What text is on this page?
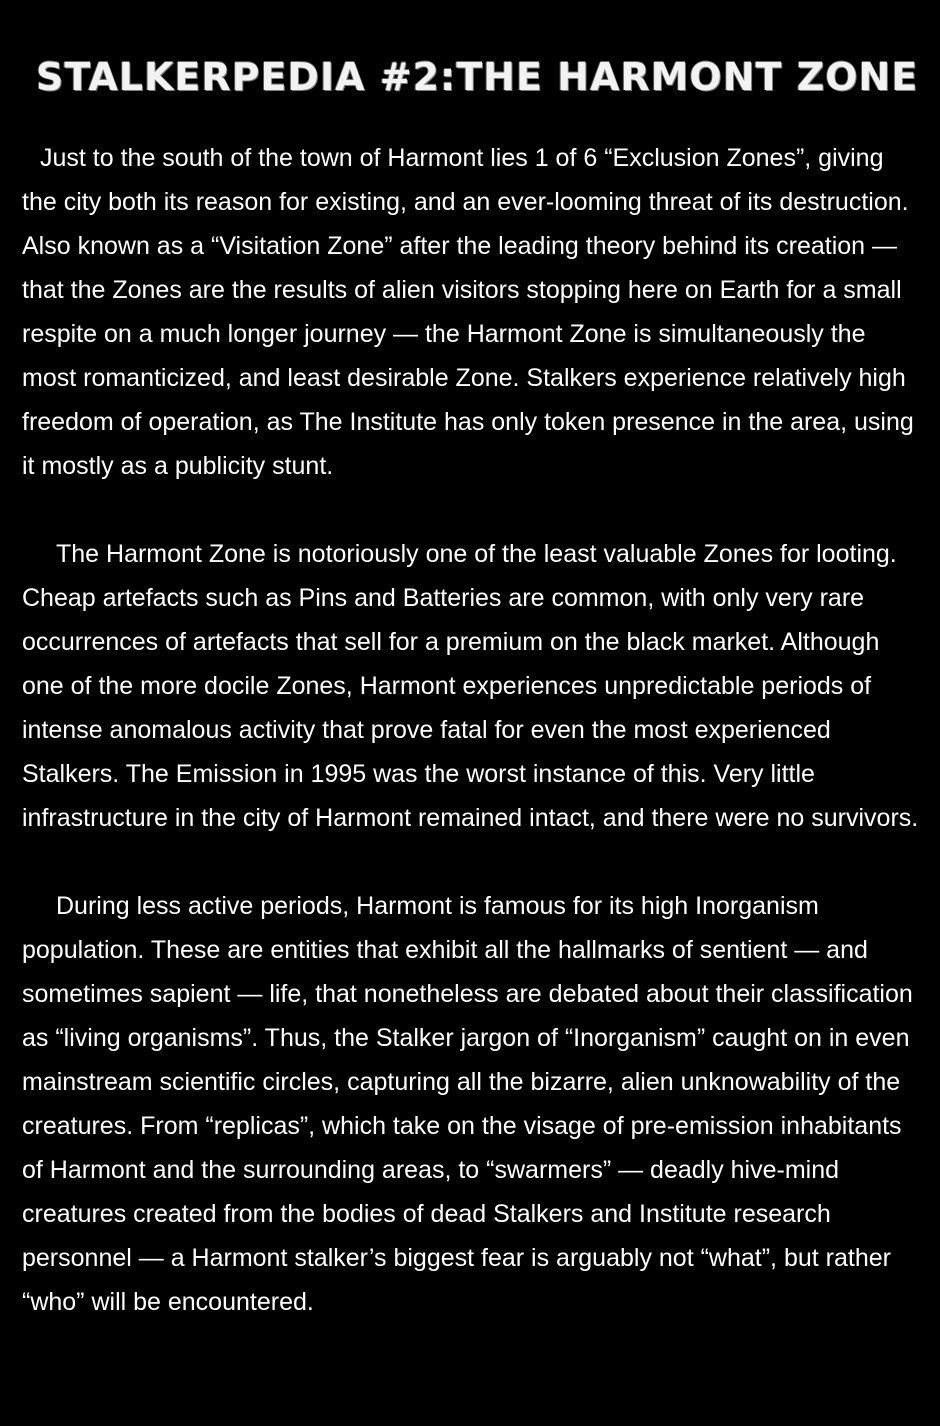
STALKERPEDIA #2:THE HARMONT ZONE

Just to the south of the town of Harmont lies 1 of 6 “Exclusion Zones”, giving the city both its reason for existing, and an ever-looming threat of its destruction. Also known as a “Visitation Zone” after the leading theory behind its creation — that the Zones are the results of alien visitors stopping here on Earth for a small respite on a much longer journey — the Harmont Zone is simultaneously the most romanticized, and least desirable Zone. Stalkers experience relatively high freedom of operation, as The Institute has only token presence in the area, using it mostly as a publicity stunt.

The Harmont Zone is notoriously one of the least valuable Zones for looting. Cheap artefacts such as Pins and Batteries are common, with only very rare occurrences of artefacts that sell for a premium on the black market. Although one of the more docile Zones, Harmont experiences unpredictable periods of intense anomalous activity that prove fatal for even the most experienced Stalkers. The Emission in 1995 was the worst instance of this. Very little infrastructure in the city of Harmont remained intact, and there were no survivors.

During less active periods, Harmont is famous for its high Inorganism population. These are entities that exhibit all the hallmarks of sentient — and sometimes sapient — life, that nonetheless are debated about their classification as “living organisms”. Thus, the Stalker jargon of “Inorganism” caught on in even mainstream scientific circles, capturing all the bizarre, alien unknowability of the creatures. From “replicas”, which take on the visage of pre-emission inhabitants of Harmont and the surrounding areas, to “swarmers” — deadly hive-mind creatures created from the bodies of dead Stalkers and Institute research personnel — a Harmont stalker’s biggest fear is arguably not “what”, but rather “who” will be encountered.
